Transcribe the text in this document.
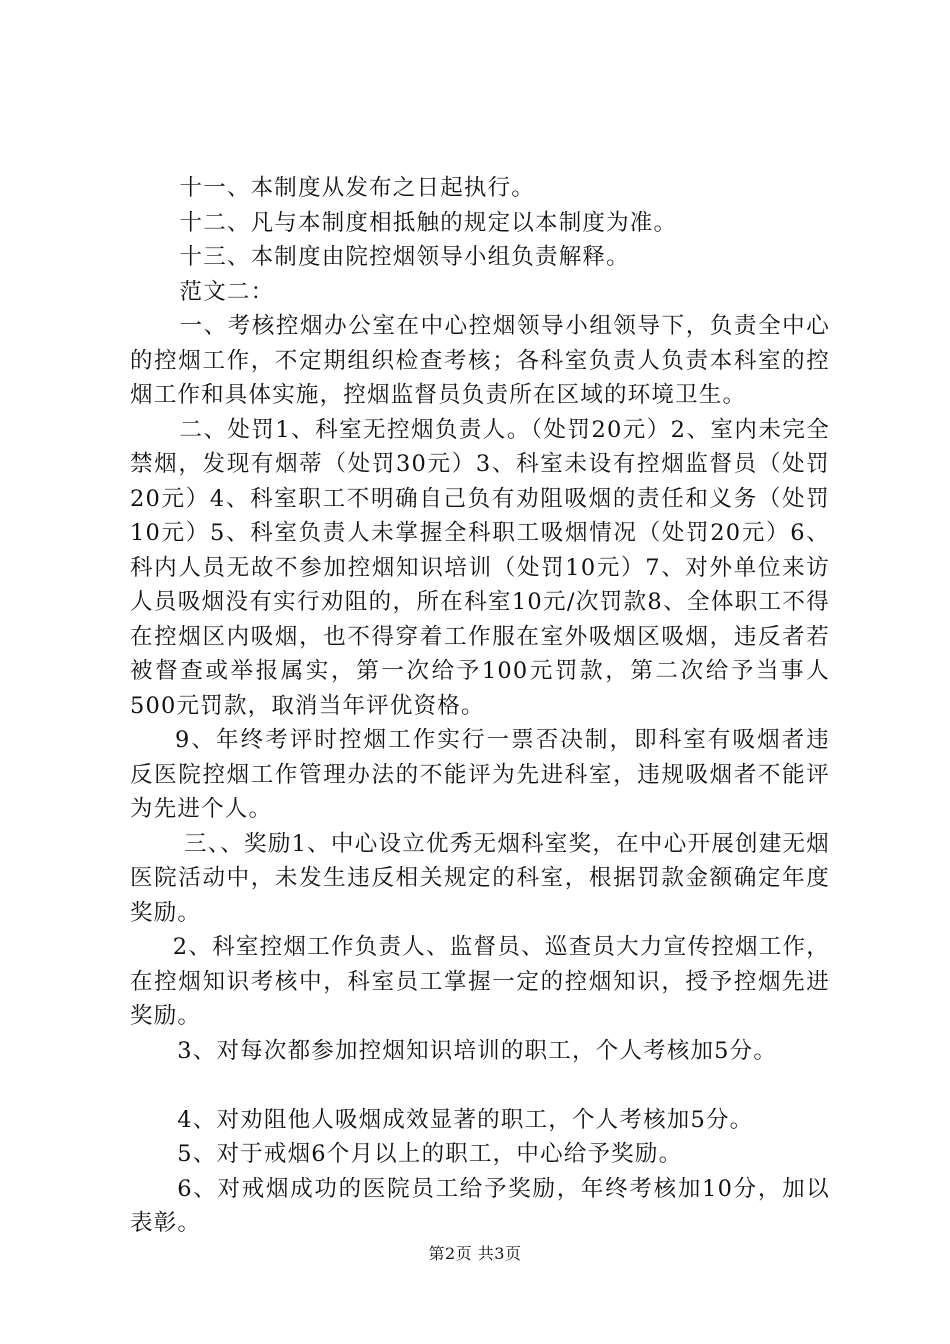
十一、本制度从发布之日起执行。

十二、凡与本制度相抵触的规定以本制度为准。

十三、本制度由院控烟领导小组负责解释。

范文二：

一、考核控烟办公室在中心控烟领导小组领导下，负责全中心的控烟工作，不定期组织检查考核；各科室负责人负责本科室的控烟工作和具体实施，控烟监督员负责所在区域的环境卫生。

二、处罚1、科室无控烟负责人。（处罚20元）2、室内未完全禁烟，发现有烟蒂（处罚30元）3、科室未设有控烟监督员（处罚20元）4、科室职工不明确自己负有劝阻吸烟的责任和义务（处罚10元）5、科室负责人未掌握全科职工吸烟情况（处罚20元）6、科内人员无故不参加控烟知识培训（处罚10元）7、对外单位来访人员吸烟没有实行劝阻的，所在科室10元/次罚款8、全体职工不得在控烟区内吸烟，也不得穿着工作服在室外吸烟区吸烟，违反者若被督查或举报属实，第一次给予100元罚款，第二次给予当事人500元罚款，取消当年评优资格。

9、年终考评时控烟工作实行一票否决制，即科室有吸烟者违反医院控烟工作管理办法的不能评为先进科室，违规吸烟者不能评为先进个人。

三、、奖励1、中心设立优秀无烟科室奖，在中心开展创建无烟医院活动中，未发生违反相关规定的科室，根据罚款金额确定年度奖励。

2、科室控烟工作负责人、监督员、巡查员大力宣传控烟工作，在控烟知识考核中，科室员工掌握一定的控烟知识，授予控烟先进奖励。

3、对每次都参加控烟知识培训的职工，个人考核加5分。

4、对劝阻他人吸烟成效显著的职工，个人考核加5分。

5、对于戒烟6个月以上的职工，中心给予奖励。

6、对戒烟成功的医院员工给予奖励，年终考核加10分，加以表彰。

第2页 共3页
